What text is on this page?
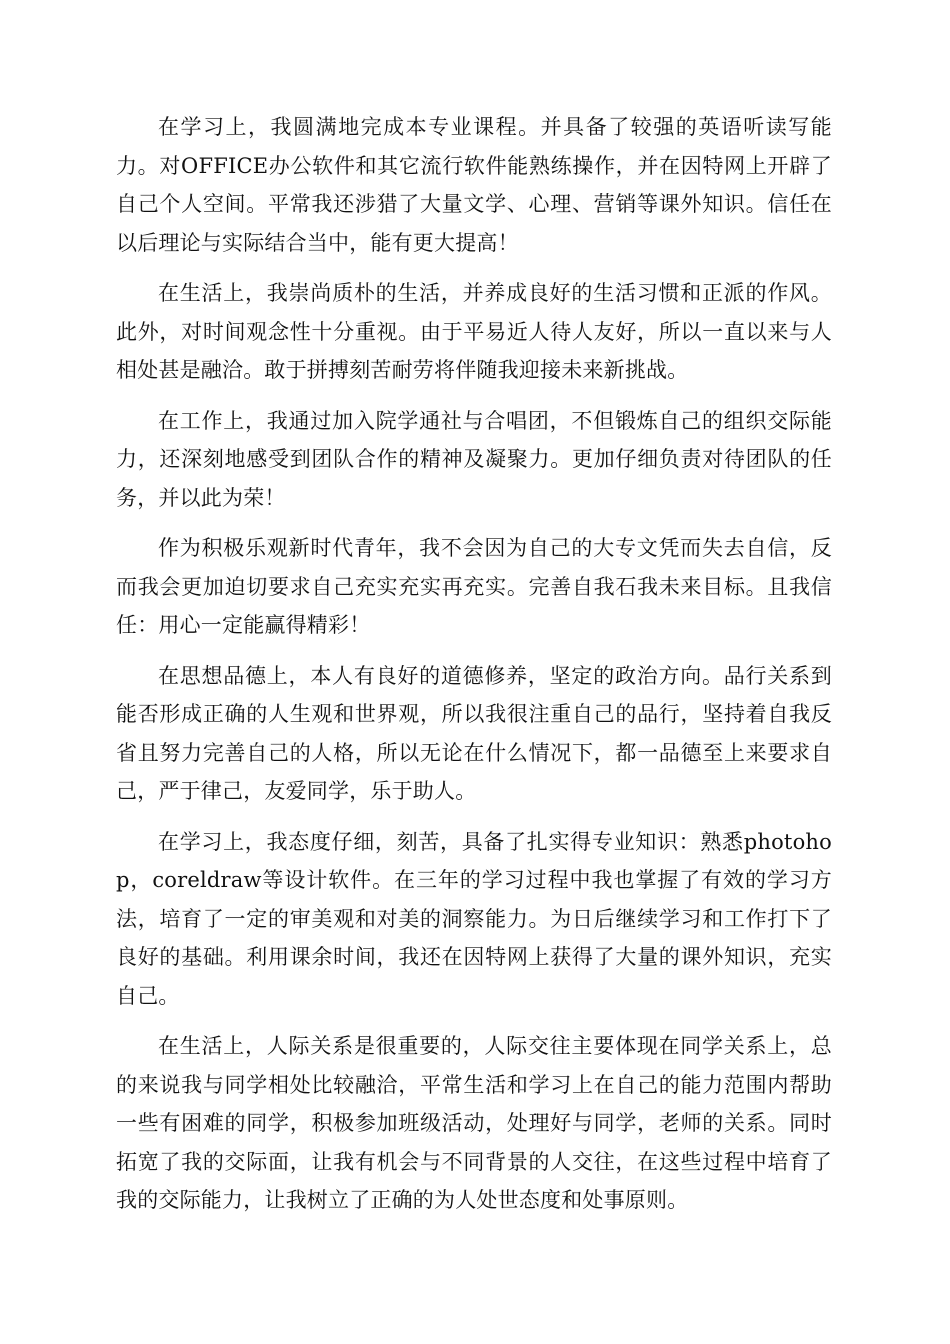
在学习上，我圆满地完成本专业课程。并具备了较强的英语听读写能力。对OFFICE办公软件和其它流行软件能熟练操作，并在因特网上开辟了自己个人空间。平常我还涉猎了大量文学、心理、营销等课外知识。信任在以后理论与实际结合当中，能有更大提高！

在生活上，我崇尚质朴的生活，并养成良好的生活习惯和正派的作风。此外，对时间观念性十分重视。由于平易近人待人友好，所以一直以来与人相处甚是融洽。敢于拼搏刻苦耐劳将伴随我迎接未来新挑战。

在工作上，我通过加入院学通社与合唱团，不但锻炼自己的组织交际能力，还深刻地感受到团队合作的精神及凝聚力。更加仔细负责对待团队的任务，并以此为荣！

作为积极乐观新时代青年，我不会因为自己的大专文凭而失去自信，反而我会更加迫切要求自己充实充实再充实。完善自我石我未来目标。且我信任：用心一定能赢得精彩！

在思想品德上，本人有良好的道德修养，坚定的政治方向。品行关系到能否形成正确的人生观和世界观，所以我很注重自己的品行，坚持着自我反省且努力完善自己的人格，所以无论在什么情况下，都一品德至上来要求自己，严于律己，友爱同学，乐于助人。

在学习上，我态度仔细，刻苦，具备了扎实得专业知识：熟悉photohop，coreldraw等设计软件。在三年的学习过程中我也掌握了有效的学习方法，培育了一定的审美观和对美的洞察能力。为日后继续学习和工作打下了良好的基础。利用课余时间，我还在因特网上获得了大量的课外知识，充实自己。

在生活上，人际关系是很重要的，人际交往主要体现在同学关系上，总的来说我与同学相处比较融洽，平常生活和学习上在自己的能力范围内帮助一些有困难的同学，积极参加班级活动，处理好与同学，老师的关系。同时拓宽了我的交际面，让我有机会与不同背景的人交往，在这些过程中培育了我的交际能力，让我树立了正确的为人处世态度和处事原则。
